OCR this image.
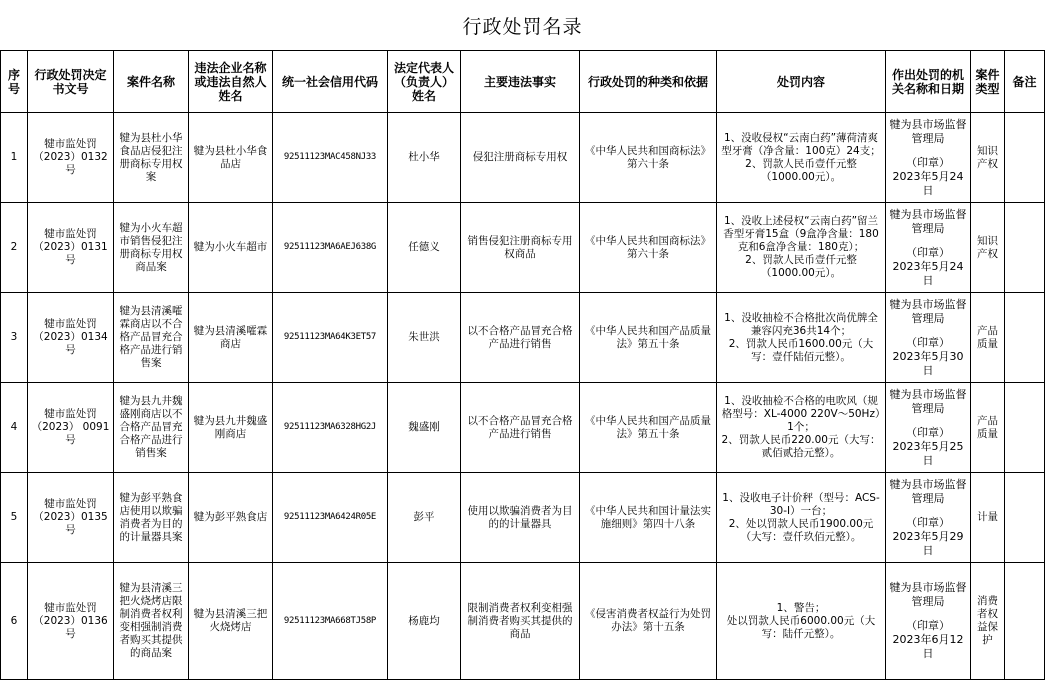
行政处罚名录
序号	行政处罚决定书文号	案件名称	违法企业名称或违法自然人姓名	统一社会信用代码	法定代表人（负责人）姓名	主要违法事实	行政处罚的种类和依据	处罚内容	作出处罚的机关名称和日期	案件类型	备注
1	犍市监处罚（2023）0132号	犍为县杜小华食品店侵犯注册商标专用权案	犍为县杜小华食品店	92511123MAC458NJ33	杜小华	侵犯注册商标专用权	《中华人民共和国商标法》第六十条	1、没收侵权“云南白药”薄荷清爽型牙膏（净含量：100克）24支；
2、罚款人民币壹仟元整（1000.00元）。	犍为县市场监督管理局
（印章）
2023年5月24日	知识产权	
2	犍市监处罚（2023）0131号	犍为小火车超市销售侵犯注册商标专用权商品案	犍为小火车超市	92511123MA6AEJ638G	任德义	销售侵犯注册商标专用权商品	《中华人民共和国商标法》第六十条	1、没收上述侵权“云南白药”留兰香型牙膏15盒（9盒净含量：180克和6盒净含量：180克）；
2、罚款人民币壹仟元整（1000.00元）。	犍为县市场监督管理局
（印章）
2023年5月24日	知识产权	
3	犍市监处罚（2023）0134号	犍为县清溪嚯霖商店以不合格产品冒充合格产品进行销售案	犍为县清溪嚯霖商店	92511123MA64K3ET57	朱世洪	以不合格产品冒充合格产品进行销售	《中华人民共和国产品质量法》第五十条	1、没收抽检不合格批次尚优牌全兼容闪充36共14个；
2、罚款人民币1600.00元（大写：壹仟陆佰元整）。	犍为县市场监督管理局
（印章）
2023年5月30日	产品质量	
4	犍市监处罚（2023） 0091号	犍为县九井魏盛刚商店以不合格产品冒充合格产品进行销售案	犍为县九井魏盛刚商店	92511123MA6328HG2J	魏盛刚	以不合格产品冒充合格产品进行销售	《中华人民共和国产品质量法》第五十条	1、没收抽检不合格的电吹风（规格型号：XL-4000 220V～50Hz）1个；
2、罚款人民币220.00元（大写：贰佰贰拾元整）。	犍为县市场监督管理局
（印章）
2023年5月25日	产品质量	
5	犍市监处罚（2023）0135号	犍为彭平熟食店使用以欺骗消费者为目的的计量器具案	犍为彭平熟食店	92511123MA6424R05E	彭平	使用以欺骗消费者为目的的计量器具	《中华人民共和国计量法实施细则》第四十八条	1、没收电子计价秤（型号：ACS-30-I）一台；
2、处以罚款人民币1900.00元（大写：壹仟玖佰元整）。	犍为县市场监督管理局
（印章）
2023年5月29日	计量	
6	犍市监处罚（2023）0136号	犍为县清溪三把火烧烤店限制消费者权利变相强制消费者购买其提供的商品案	犍为县清溪三把火烧烤店	92511123MA668TJ58P	杨鹿均	限制消费者权利变相强制消费者购买其提供的商品	《侵害消费者权益行为处罚办法》第十五条	1、警告；
处以罚款人民币6000.00元（大写：陆仟元整）。	犍为县市场监督管理局
（印章）
2023年6月12日	消费者权益保护	
